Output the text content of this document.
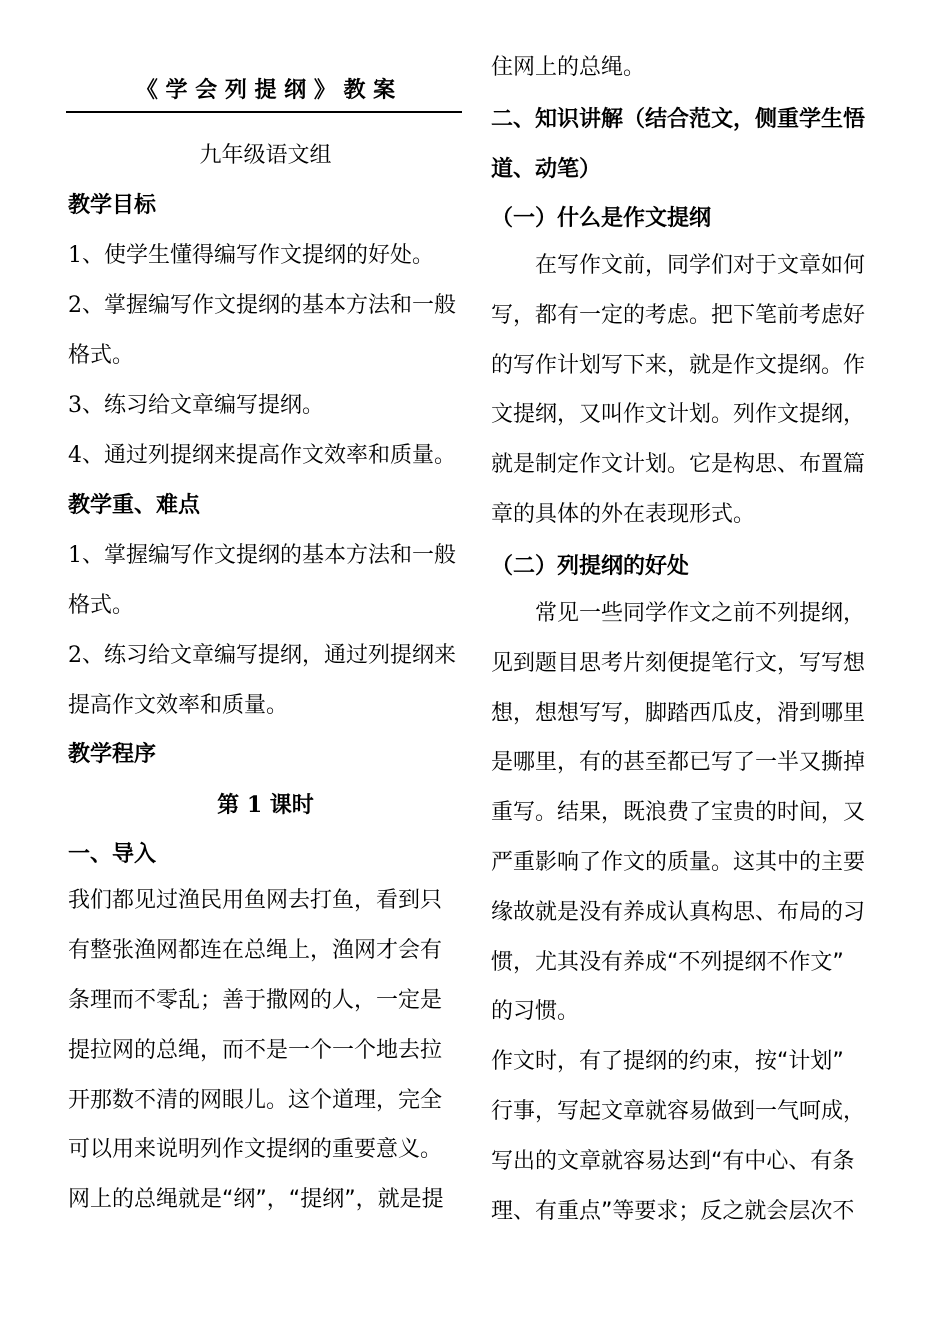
《 学 会 列 提 纲 》 教 案
九年级语文组
教学目标
1、使学生懂得编写作文提纲的好处。
2、掌握编写作文提纲的基本方法和一般
格式。
3、练习给文章编写提纲。
4、通过列提纲来提高作文效率和质量。
教学重、难点
1、掌握编写作文提纲的基本方法和一般
格式。
2、练习给文章编写提纲，通过列提纲来
提高作文效率和质量。
教学程序
第 1 课时
一、导入
我们都见过渔民用鱼网去打鱼，看到只
有整张渔网都连在总绳上，渔网才会有
条理而不零乱；善于撒网的人，一定是
提拉网的总绳，而不是一个一个地去拉
开那数不清的网眼儿。这个道理，完全
可以用来说明列作文提纲的重要意义。
网上的总绳就是“纲”，“提纲”，就是提
住网上的总绳。
二、知识讲解（结合范文，侧重学生悟
道、动笔）
（一）什么是作文提纲
在写作文前，同学们对于文章如何
写，都有一定的考虑。把下笔前考虑好
的写作计划写下来，就是作文提纲。作
文提纲，又叫作文计划。列作文提纲，
就是制定作文计划。它是构思、布置篇
章的具体的外在表现形式。
（二）列提纲的好处
常见一些同学作文之前不列提纲，
见到题目思考片刻便提笔行文，写写想
想，想想写写，脚踏西瓜皮，滑到哪里
是哪里，有的甚至都已写了一半又撕掉
重写。结果，既浪费了宝贵的时间，又
严重影响了作文的质量。这其中的主要
缘故就是没有养成认真构思、布局的习
惯，尤其没有养成“不列提纲不作文”
的习惯。
作文时，有了提纲的约束，按“计划”
行事，写起文章就容易做到一气呵成，
写出的文章就容易达到“有中心、有条
理、有重点”等要求；反之就会层次不
